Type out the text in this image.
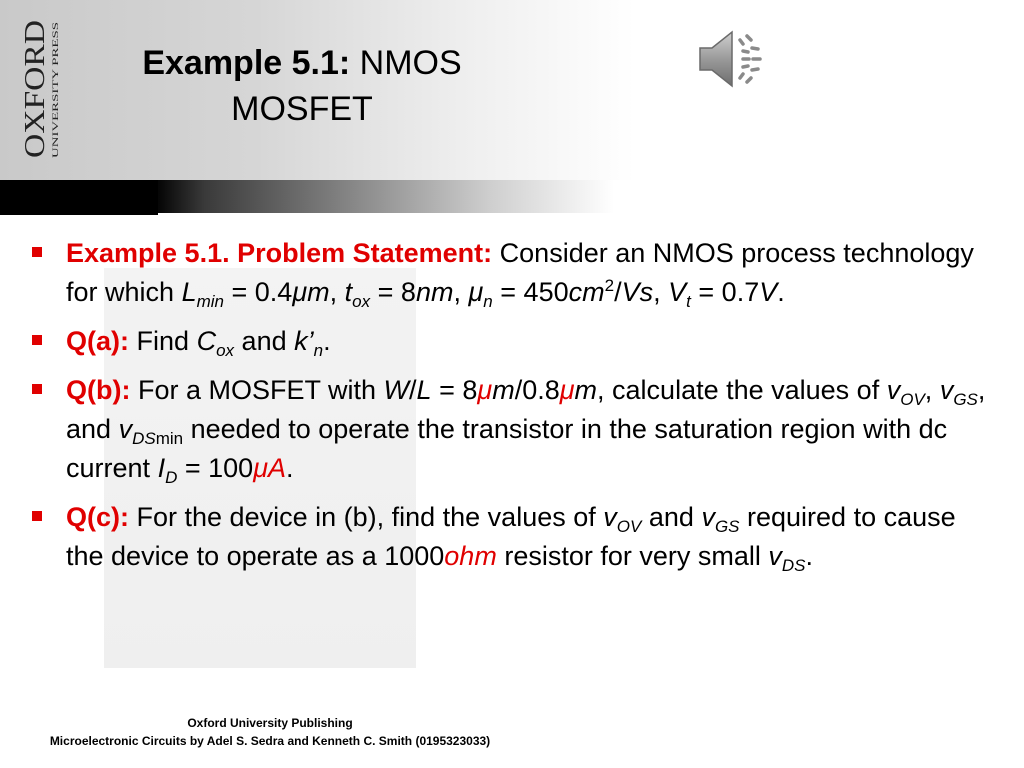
OXFORD UNIVERSITY PRESS
Example 5.1: NMOS
MOSFET
Example 5.1. Problem Statement: Consider an NMOS process technology for which $L_{min} = 0.4\mu m$, $t_{ox} = 8nm$, $\mu_n = 450cm^2/Vs$, $V_t = 0.7V$.
Q(a): Find $C_{ox}$ and $k’_n$.
Q(b): For a MOSFET with W/L = 8μm/0.8μm, calculate the values of $v_{OV}$, $v_{GS}$, and $v_{DSmin}$ needed to operate the transistor in the saturation region with dc current $I_D = 100\mu A$.
Q(c): For the device in (b), find the values of $v_{OV}$ and $v_{GS}$ required to cause the device to operate as a 1000ohm resistor for very small $v_{DS}$.
Oxford University Publishing
Microelectronic Circuits by Adel S. Sedra and Kenneth C. Smith (0195323033)
